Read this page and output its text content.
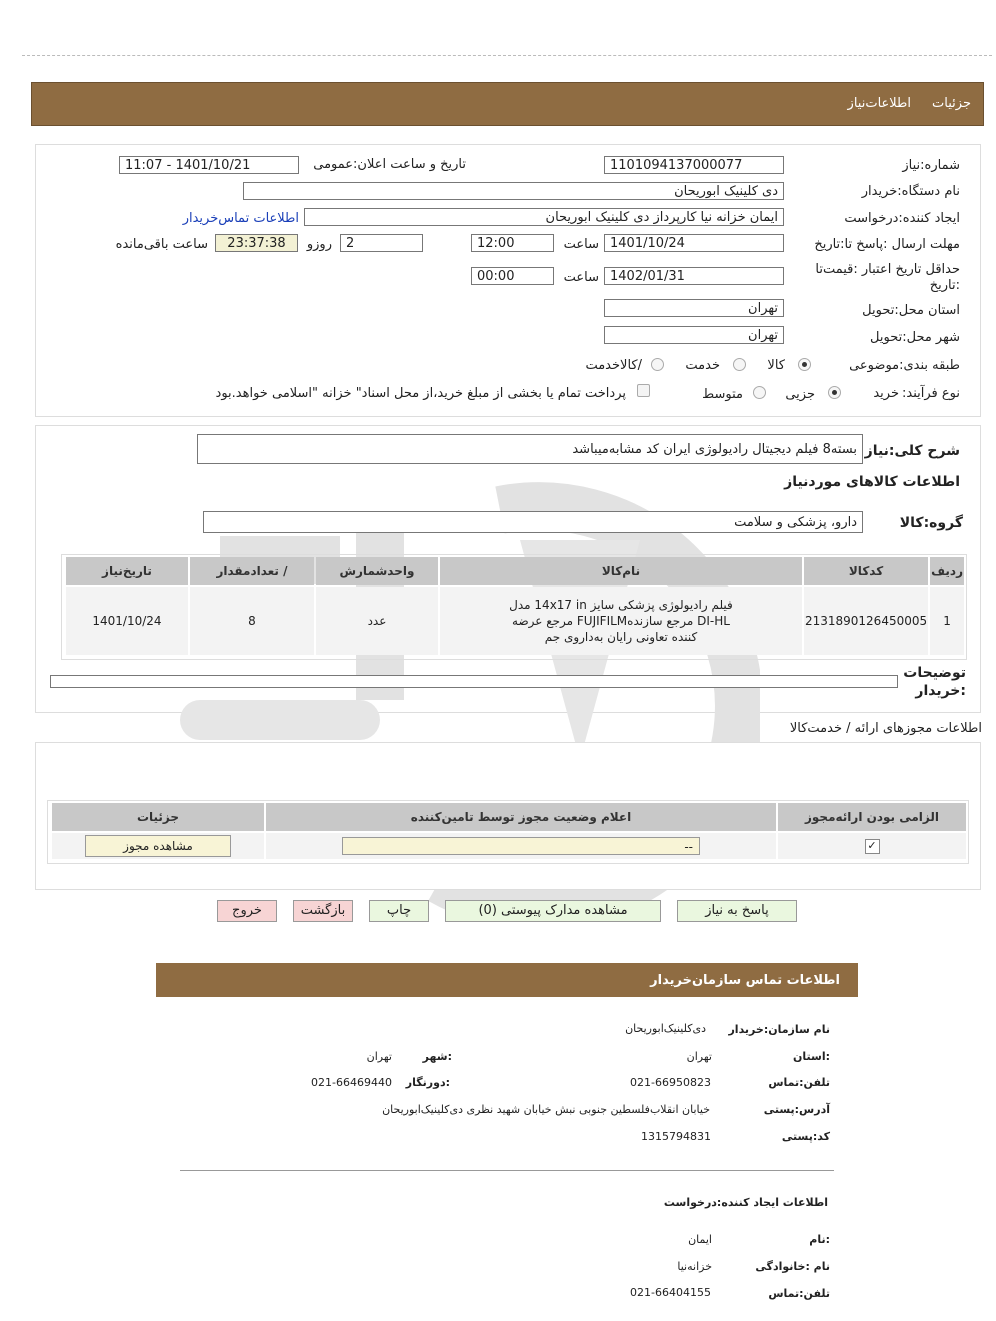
جزئیات
اطلاعات‌نیاز
شماره:نیاز
1101094137000077
تاریخ و ساعت اعلان:عمومی
1401/10/21 - 11:07
نام دستگاه:خریدار
دی کلینیک ابوریحان
ایجاد کننده:درخواست
ایمان خزانه نیا کارپرداز دی کلینیک ابوریحان
اطلاعات تماس‌خریدار
مهلت ارسال :پاسخ تا:تاریخ
1401/10/24
ساعت
12:00
2
روزو
23:37:38
ساعت باقی‌مانده
حداقل تاریخ اعتبار :قیمت‌تا
:تاریخ
1402/01/31
ساعت
00:00
استان محل:تحویل
تهران
شهر محل:تحویل
تهران
طبقه بندی:موضوعی
کالا
خدمت
/کالاخدمت
نوع فرآیند:
خرید
جزیی
متوسط
پرداخت تمام یا بخشی از مبلغ خرید،از محل اسناد" خزانه "اسلامی خواهد.بود
شرح کلی:نیاز
بسته8 فیلم دیجیتال رادیولوژی ایران کد مشابه‌میباشد
اطلاعات کالاهای موردنیاز
گروه:کالا
دارو، پزشکی و سلامت
ردیف	کدکالا	نام‌کالا	واحدشمارش	/ تعدادمقدار	تاریخ‌نیاز
1	2131890126450005	فیلم رادیولوژی پزشکی سایز 14x17 in مدل DI-HL مرجع سازندهFUJIFILM مرجع عرضه کننده تعاونی رایان به‌داروی جم	عدد	8	1401/10/24
توضیحات
:خریدار
اطلاعات مجوزهای ارائه / خدمت‌کالا
الزامی بودن ارائه‌مجوز	اعلام وضعیت مجوز توسط تامین‌کننده	جزئیات
✓	--	مشاهده مجوز
پاسخ به نیاز
مشاهده مدارک پیوستی (0)
چاپ
بازگشت
خروج
اطلاعات تماس سازمان‌خریدار
نام سازمان:خریدار
دی‌کلینیک‌ابوریحان
:استان
تهران
:شهر
تهران
تلفن:تماس
021-66950823
:دورنگار
021-66469440
آدرس:پستی
خیابان انقلاب‌فلسطین جنوبی نبش خیابان شهید نظری دی‌کلینیک‌ابوریحان
کد:پستی
1315794831
اطلاعات ایجاد کننده:درخواست
:نام
ایمان
نام :خانوادگی
خزانه‌نیا
تلفن:تماس
021-66404155
